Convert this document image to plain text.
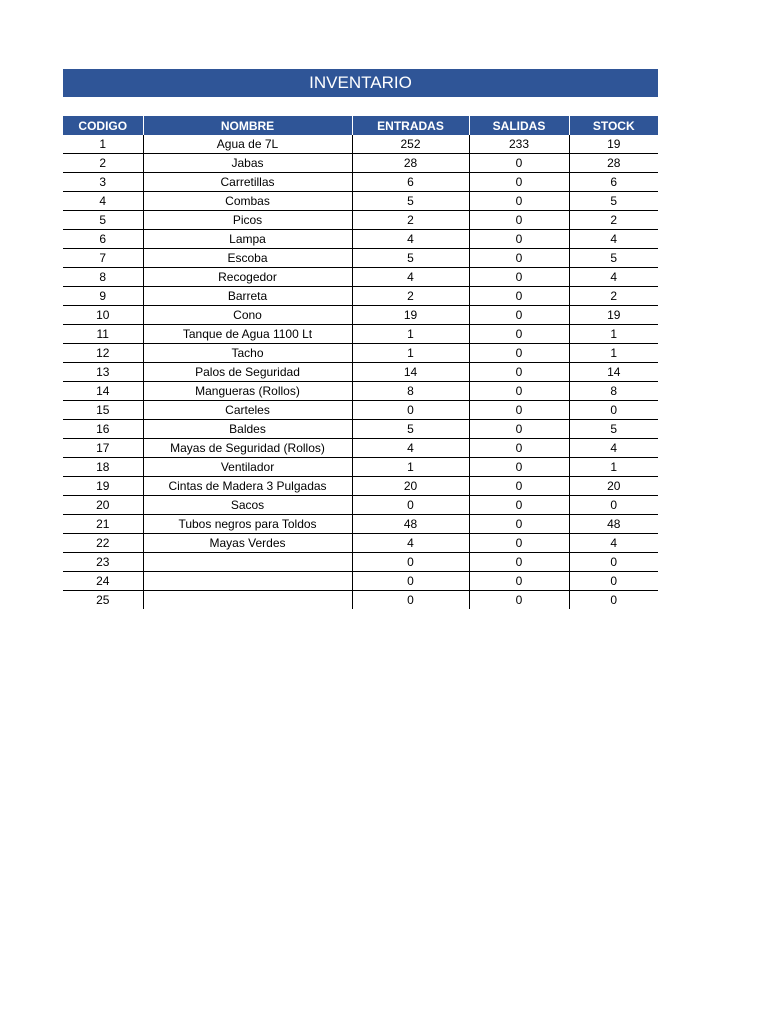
INVENTARIO
CODIGO	NOMBRE	ENTRADAS	SALIDAS	STOCK
1	Agua de 7L	252	233	19
2	Jabas	28	0	28
3	Carretillas	6	0	6
4	Combas	5	0	5
5	Picos	2	0	2
6	Lampa	4	0	4
7	Escoba	5	0	5
8	Recogedor	4	0	4
9	Barreta	2	0	2
10	Cono	19	0	19
11	Tanque de Agua 1100 Lt	1	0	1
12	Tacho	1	0	1
13	Palos de Seguridad	14	0	14
14	Mangueras (Rollos)	8	0	8
15	Carteles	0	0	0
16	Baldes	5	0	5
17	Mayas de Seguridad (Rollos)	4	0	4
18	Ventilador	1	0	1
19	Cintas de Madera 3 Pulgadas	20	0	20
20	Sacos	0	0	0
21	Tubos negros para Toldos	48	0	48
22	Mayas Verdes	4	0	4
23		0	0	0
24		0	0	0
25		0	0	0
